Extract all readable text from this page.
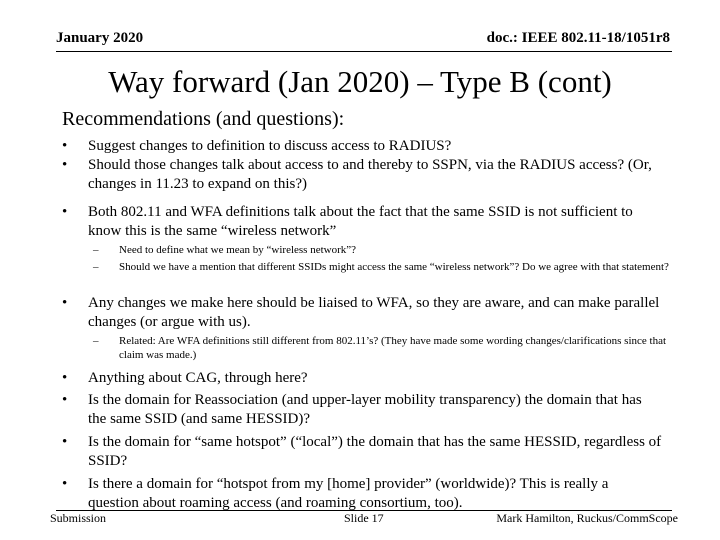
January 2020	doc.: IEEE 802.11-18/1051r8
Way forward (Jan 2020) – Type B (cont)
Recommendations (and questions):
• Suggest changes to definition to discuss access to RADIUS?
• Should those changes talk about access to and thereby to SSPN, via the RADIUS access? (Or, changes in 11.23 to expand on this?)
• Both 802.11 and WFA definitions talk about the fact that the same SSID is not sufficient to know this is the same “wireless network”
– Need to define what we mean by “wireless network”?
– Should we have a mention that different SSIDs might access the same “wireless network”? Do we agree with that statement?
• Any changes we make here should be liaised to WFA, so they are aware, and can make parallel changes (or argue with us).
– Related: Are WFA definitions still different from 802.11’s? (They have made some wording changes/clarifications since that claim was made.)
• Anything about CAG, through here?
• Is the domain for Reassociation (and upper-layer mobility transparency) the domain that has the same SSID (and same HESSID)?
• Is the domain for “same hotspot” (“local”) the domain that has the same HESSID, regardless of SSID?
• Is there a domain for “hotspot from my [home] provider” (worldwide)? This is really a question about roaming access (and roaming consortium, too).
Submission	Slide 17	Mark Hamilton, Ruckus/CommScope
